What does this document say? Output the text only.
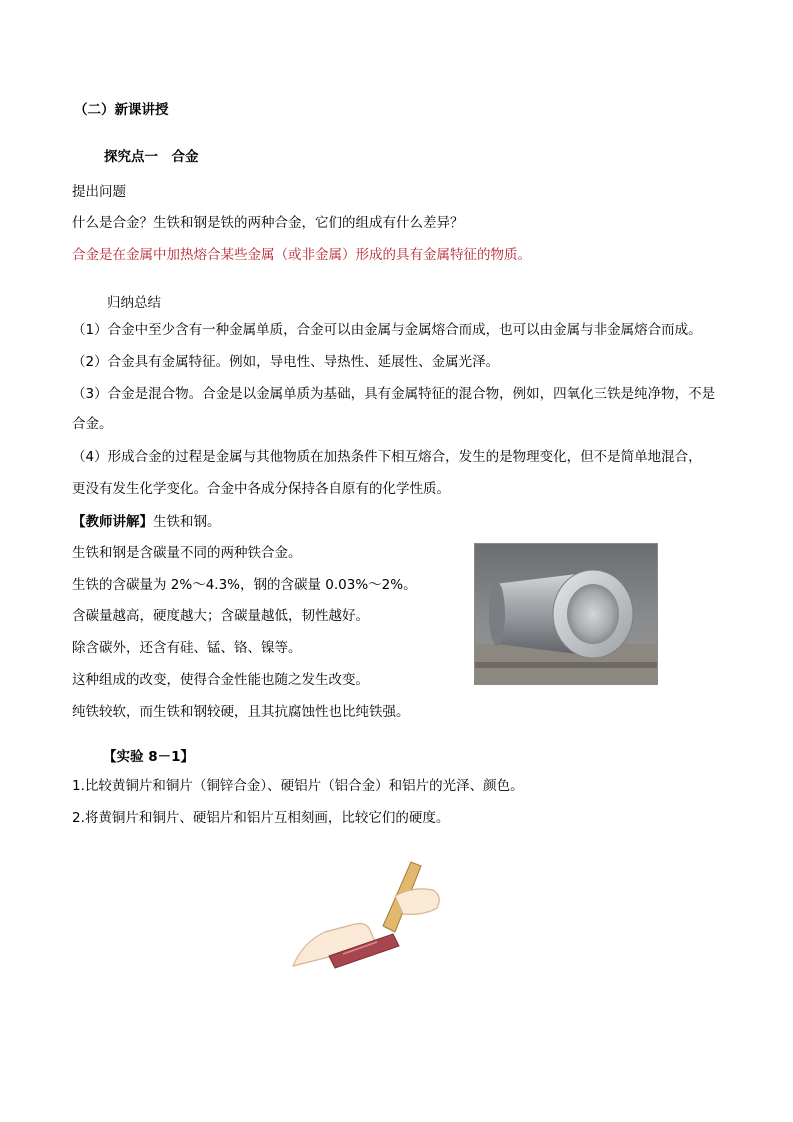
（二）新课讲授
探究点一　合金
提出问题
什么是合金？生铁和钢是铁的两种合金，它们的组成有什么差异？
合金是在金属中加热熔合某些金属（或非金属）形成的具有金属特征的物质。
归纳总结
（1）合金中至少含有一种金属单质，合金可以由金属与金属熔合而成，也可以由金属与非金属熔合而成。
（2）合金具有金属特征。例如，导电性、导热性、延展性、金属光泽。
（3）合金是混合物。合金是以金属单质为基础，具有金属特征的混合物，例如，四氧化三铁是纯净物，不是
合金。
（4）形成合金的过程是金属与其他物质在加热条件下相互熔合，发生的是物理变化，但不是简单地混合，
更没有发生化学变化。合金中各成分保持各自原有的化学性质。
【教师讲解】生铁和钢。
生铁和钢是含碳量不同的两种铁合金。
生铁的含碳量为 2%～4.3%，钢的含碳量 0.03%～2%。
含碳量越高，硬度越大；含碳量越低，韧性越好。
除含碳外，还含有硅、锰、铬、镍等。
这种组成的改变，使得合金性能也随之发生改变。
纯铁较软，而生铁和钢较硬，且其抗腐蚀性也比纯铁强。
【实验 8－1】
1.比较黄铜片和铜片（铜锌合金）、硬铝片（铝合金）和铝片的光泽、颜色。
2.将黄铜片和铜片、硬铝片和铝片互相刻画，比较它们的硬度。
